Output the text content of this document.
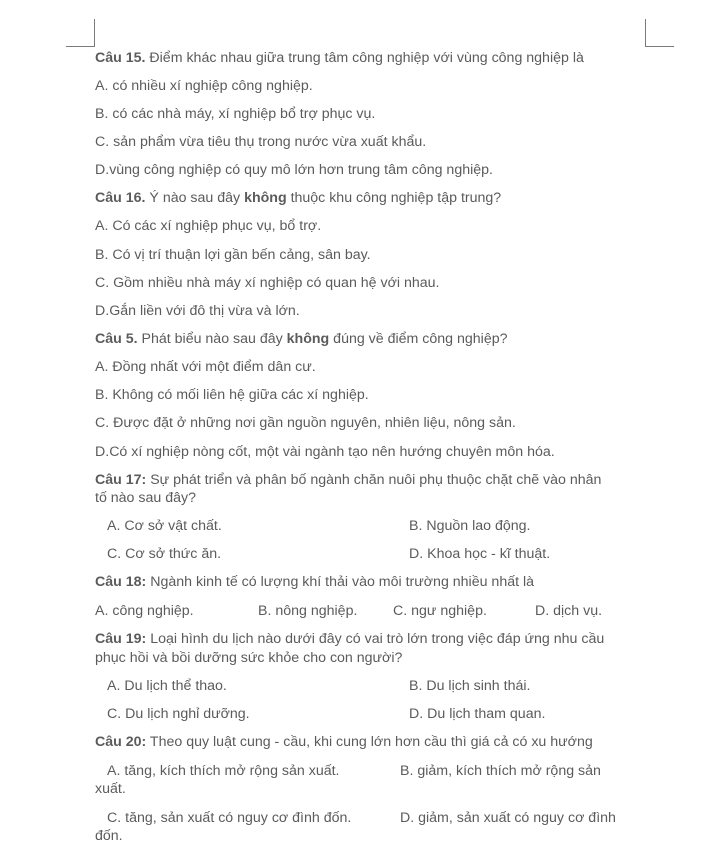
Câu 15. Điểm khác nhau giữa trung tâm công nghiệp với vùng công nghiệp là
A. có nhiều xí nghiệp công nghiệp.
B. có các nhà máy, xí nghiệp bổ trợ phục vụ.
C. sản phẩm vừa tiêu thụ trong nước vừa xuất khẩu.
D.vùng công nghiệp có quy mô lớn hơn trung tâm công nghiệp.
Câu 16. Ý nào sau đây không thuộc khu công nghiệp tập trung?
A. Có các xí nghiệp phục vụ, bổ trợ.
B. Có vị trí thuận lợi gần bến cảng, sân bay.
C. Gồm nhiều nhà máy xí nghiệp có quan hệ với nhau.
D.Gắn liền với đô thị vừa và lớn.
Câu 5. Phát biểu nào sau đây không đúng về điểm công nghiệp?
A. Đồng nhất với một điểm dân cư.
B. Không có mối liên hệ giữa các xí nghiệp.
C. Được đặt ở những nơi gần nguồn nguyên, nhiên liệu, nông sản.
D.Có xí nghiệp nòng cốt, một vài ngành tạo nên hướng chuyên môn hóa.
Câu 17: Sự phát triển và phân bố ngành chăn nuôi phụ thuộc chặt chẽ vào nhân
tố nào sau đây?
A. Cơ sở vật chất.	B. Nguồn lao động.
C. Cơ sở thức ăn.	D. Khoa học - kĩ thuật.
Câu 18: Ngành kinh tế có lượng khí thải vào môi trường nhiều nhất là
A. công nghiệp.	B. nông nghiệp.	C. ngư nghiệp.	D. dịch vụ.
Câu 19: Loại hình du lịch nào dưới đây có vai trò lớn trong việc đáp ứng nhu cầu
phục hồi và bồi dưỡng sức khỏe cho con người?
A. Du lịch thể thao.	B. Du lịch sinh thái.
C. Du lịch nghỉ dưỡng.	D. Du lịch tham quan.
Câu 20: Theo quy luật cung - cầu, khi cung lớn hơn cầu thì giá cả có xu hướng
A. tăng, kích thích mở rộng sản xuất.	B. giảm, kích thích mở rộng sản
xuất.
C. tăng, sản xuất có nguy cơ đình đốn.	D. giảm, sản xuất có nguy cơ đình
đốn.
